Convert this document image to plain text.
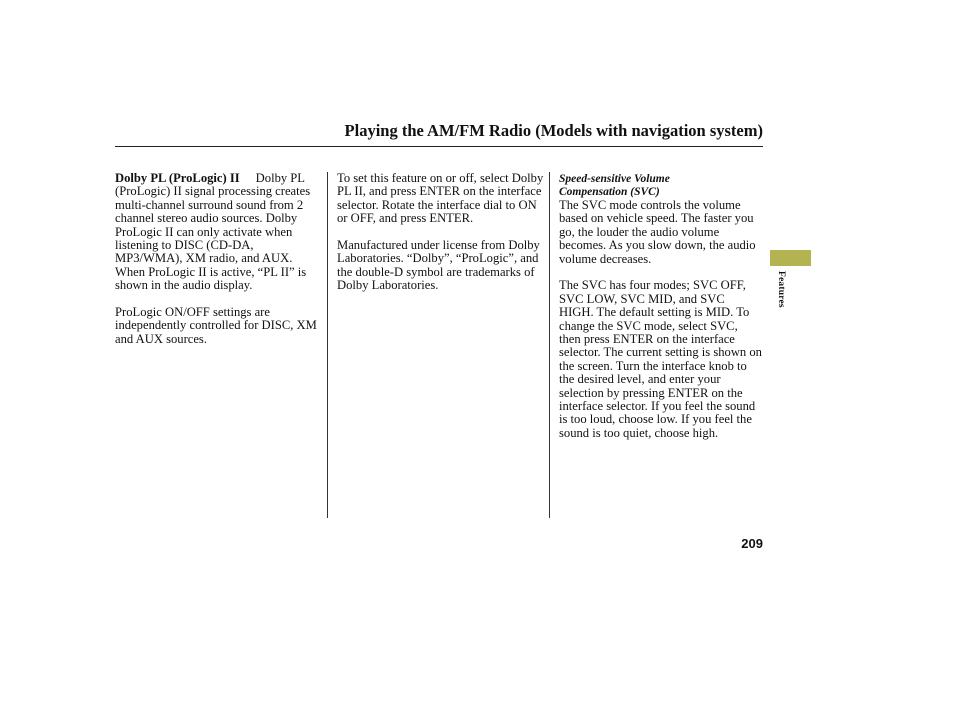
Playing the AM/FM Radio (Models with navigation system)

Dolby PL (ProLogic) II Dolby PL (ProLogic) II signal processing creates multi-channel surround sound from 2 channel stereo audio sources. Dolby ProLogic II can only activate when listening to DISC (CD-DA, MP3/WMA), XM radio, and AUX. When ProLogic II is active, “PL II” is shown in the audio display.

ProLogic ON/OFF settings are independently controlled for DISC, XM and AUX sources.

To set this feature on or off, select Dolby PL II, and press ENTER on the interface selector. Rotate the interface dial to ON or OFF, and press ENTER.

Manufactured under license from Dolby Laboratories. “Dolby”, “ProLogic”, and the double-D symbol are trademarks of Dolby Laboratories.

Speed-sensitive Volume
Compensation (SVC)

The SVC mode controls the volume based on vehicle speed. The faster you go, the louder the audio volume becomes. As you slow down, the audio volume decreases.

The SVC has four modes; SVC OFF, SVC LOW, SVC MID, and SVC HIGH. The default setting is MID. To change the SVC mode, select SVC, then press ENTER on the interface selector. The current setting is shown on the screen. Turn the interface knob to the desired level, and enter your selection by pressing ENTER on the interface selector. If you feel the sound is too loud, choose low. If you feel the sound is too quiet, choose high.

Features
209
